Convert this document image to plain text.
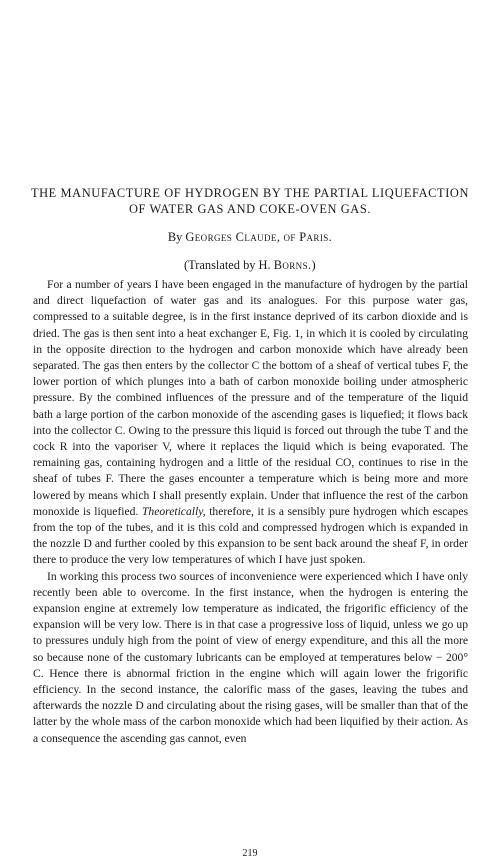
THE MANUFACTURE OF HYDROGEN BY THE PARTIAL LIQUEFACTION OF WATER GAS AND COKE-OVEN GAS.

By Georges Claude, of Paris.

(Translated by H. Borns.)

For a number of years I have been engaged in the manufacture of hydrogen by the partial and direct liquefaction of water gas and its analogues. For this purpose water gas, compressed to a suitable degree, is in the first instance deprived of its carbon dioxide and is dried. The gas is then sent into a heat exchanger E, Fig. 1, in which it is cooled by circulating in the opposite direction to the hydrogen and carbon monoxide which have already been separated. The gas then enters by the collector C the bottom of a sheaf of vertical tubes F, the lower portion of which plunges into a bath of carbon monoxide boiling under atmospheric pressure. By the combined influences of the pressure and of the temperature of the liquid bath a large portion of the carbon monoxide of the ascending gases is liquefied; it flows back into the collector C. Owing to the pressure this liquid is forced out through the tube T and the cock R into the vaporiser V, where it replaces the liquid which is being evaporated. The remaining gas, containing hydrogen and a little of the residual CO, continues to rise in the sheaf of tubes F. There the gases encounter a temperature which is being more and more lowered by means which I shall presently explain. Under that influence the rest of the carbon monoxide is liquefied. Theoretically, therefore, it is a sensibly pure hydrogen which escapes from the top of the tubes, and it is this cold and compressed hydrogen which is expanded in the nozzle D and further cooled by this expansion to be sent back around the sheaf F, in order there to produce the very low temperatures of which I have just spoken.

In working this process two sources of inconvenience were experienced which I have only recently been able to overcome. In the first instance, when the hydrogen is entering the expansion engine at extremely low temperature as indicated, the frigorific efficiency of the expansion will be very low. There is in that case a progressive loss of liquid, unless we go up to pressures unduly high from the point of view of energy expenditure, and this all the more so because none of the customary lubricants can be employed at temperatures below − 200° C. Hence there is abnormal friction in the engine which will again lower the frigorific efficiency. In the second instance, the calorific mass of the gases, leaving the tubes and afterwards the nozzle D and circulating about the rising gases, will be smaller than that of the latter by the whole mass of the carbon monoxide which had been liquified by their action. As a consequence the ascending gas cannot, even

219
